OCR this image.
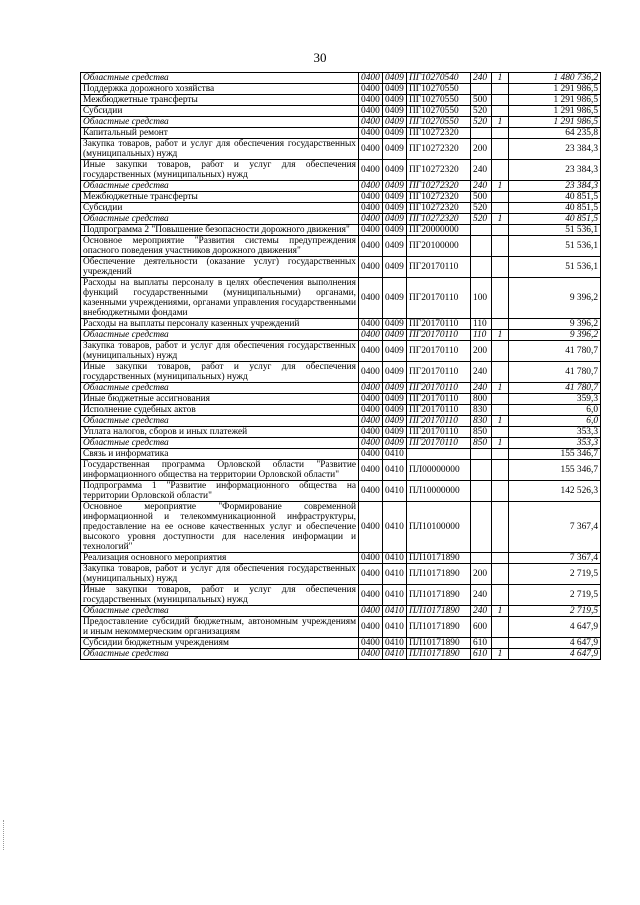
30
Областные средства	0400	0409	ПГ10270540	240	1	1 480 736,2
Поддержка дорожного хозяйства	0400	0409	ПГ10270550			1 291 986,5
Межбюджетные трансферты	0400	0409	ПГ10270550	500		1 291 986,5
Субсидии	0400	0409	ПГ10270550	520		1 291 986,5
Областные средства	0400	0409	ПГ10270550	520	1	1 291 986,5
Капитальный ремонт	0400	0409	ПГ10272320			64 235,8
Закупка товаров, работ и услуг для обеспечения государственных (муниципальных) нужд	0400	0409	ПГ10272320	200		23 384,3
Иные закупки товаров, работ и услуг для обеспечения государственных (муниципальных) нужд	0400	0409	ПГ10272320	240		23 384,3
Областные средства	0400	0409	ПГ10272320	240	1	23 384,3
Межбюджетные трансферты	0400	0409	ПГ10272320	500		40 851,5
Субсидии	0400	0409	ПГ10272320	520		40 851,5
Областные средства	0400	0409	ПГ10272320	520	1	40 851,5
Подпрограмма 2 "Повышение безопасности дорожного движения"	0400	0409	ПГ20000000			51 536,1
Основное мероприятие "Развития системы предупреждения опасного поведения участников дорожного движения"	0400	0409	ПГ20100000			51 536,1
Обеспечение деятельности (оказание услуг) государственных учреждений	0400	0409	ПГ20170110			51 536,1
Расходы на выплаты персоналу в целях обеспечения выполнения функций государственными (муниципальными) органами, казенными учреждениями, органами управления государственными внебюджетными фондами	0400	0409	ПГ20170110	100		9 396,2
Расходы на выплаты персоналу казенных учреждений	0400	0409	ПГ20170110	110		9 396,2
Областные средства	0400	0409	ПГ20170110	110	1	9 396,2
Закупка товаров, работ и услуг для обеспечения государственных (муниципальных) нужд	0400	0409	ПГ20170110	200		41 780,7
Иные закупки товаров, работ и услуг для обеспечения государственных (муниципальных) нужд	0400	0409	ПГ20170110	240		41 780,7
Областные средства	0400	0409	ПГ20170110	240	1	41 780,7
Иные бюджетные ассигнования	0400	0409	ПГ20170110	800		359,3
Исполнение судебных актов	0400	0409	ПГ20170110	830		6,0
Областные средства	0400	0409	ПГ20170110	830	1	6,0
Уплата налогов, сборов и иных платежей	0400	0409	ПГ20170110	850		353,3
Областные средства	0400	0409	ПГ20170110	850	1	353,3
Связь и информатика	0400	0410				155 346,7
Государственная программа Орловской области "Развитие информационного общества на территории Орловской области"	0400	0410	ПЛ00000000			155 346,7
Подпрограмма 1 "Развитие информационного общества на территории Орловской области"	0400	0410	ПЛ10000000			142 526,3
Основное мероприятие "Формирование современной информационной и телекоммуникационной инфраструктуры, предоставление на ее основе качественных услуг и обеспечение высокого уровня доступности для населения информации и технологий"	0400	0410	ПЛ10100000			7 367,4
Реализация основного мероприятия	0400	0410	ПЛ10171890			7 367,4
Закупка товаров, работ и услуг для обеспечения государственных (муниципальных) нужд	0400	0410	ПЛ10171890	200		2 719,5
Иные закупки товаров, работ и услуг для обеспечения государственных (муниципальных) нужд	0400	0410	ПЛ10171890	240		2 719,5
Областные средства	0400	0410	ПЛ10171890	240	1	2 719,5
Предоставление субсидий бюджетным, автономным учреждениям и иным некоммерческим организациям	0400	0410	ПЛ10171890	600		4 647,9
Субсидии бюджетным учреждениям	0400	0410	ПЛ10171890	610		4 647,9
Областные средства	0400	0410	ПЛ10171890	610	1	4 647,9
